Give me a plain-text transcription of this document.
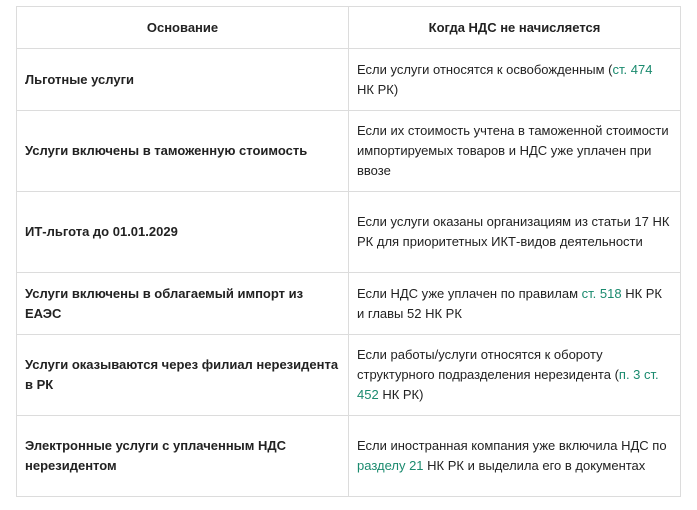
Основание	Когда НДС не начисляется
Льготные услуги	Если услуги относятся к освобожденным (ст. 474 НК РК)
Услуги включены в таможенную стоимость	Если их стоимость учтена в таможенной стоимости импортируемых товаров и НДС уже уплачен при ввозе
ИТ-льгота до 01.01.2029	Если услуги оказаны организациям из статьи 17 НК РК для приоритетных ИКТ-видов деятельности
Услуги включены в облагаемый импорт из ЕАЭС	Если НДС уже уплачен по правилам ст. 518 НК РК и главы 52 НК РК
Услуги оказываются через филиал нерезидента в РК	Если работы/услуги относятся к обороту структурного подразделения нерезидента (п. 3 ст. 452 НК РК)
Электронные услуги с уплаченным НДС нерезидентом	Если иностранная компания уже включила НДС по разделу 21 НК РК и выделила его в документах
